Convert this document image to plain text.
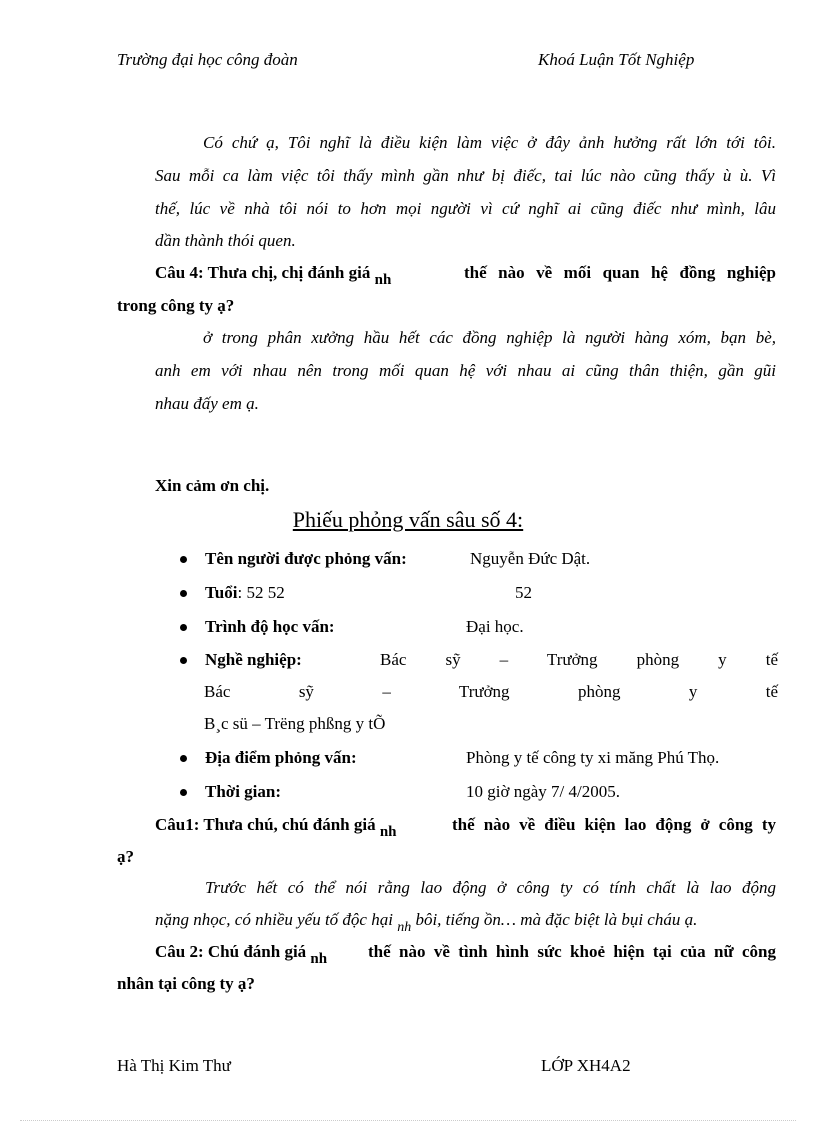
Trường đại học công đoàn	Khoá Luận Tốt Nghiệp
Có chứ ạ, Tôi nghĩ là điều kiện làm việc ở đây ảnh hưởng rất lớn tới tôi.
Sau mỗi ca làm việc tôi thấy mình gần như bị điếc, tai lúc nào cũng thấy ù ù. Vì
thế, lúc về nhà tôi nói to hơn mọi người vì cứ nghĩ ai cũng điếc như mình, lâu
dần thành thói quen.
Câu 4: Thưa chị, chị đánh giá nh	thế nào về mối quan hệ đồng nghiệp
trong công ty ạ?
ở trong phân xưởng hầu hết các đồng nghiệp là người hàng xóm, bạn bè,
anh em với nhau nên trong mối quan hệ với nhau ai cũng thân thiện, gần gũi
nhau đấy em ạ.
Xin cảm ơn chị.
Phiếu phỏng vấn sâu số 4:
Tên người được phỏng vấn:	Nguyễn Đức Dật.
Tuổi: 52 52	52
Trình độ học vấn:	Đại học.
Nghề nghiệp:	Bác sỹ – Trưởng phòng y tế
Bác sỹ – Trưởng phòng y tế
B¸c sü – Trëng phßng y tÕ
Địa điểm phỏng vấn:	Phòng y tế công ty xi măng Phú Thọ.
Thời gian:	10 giờ ngày 7/ 4/2005.
Câu1: Thưa chú, chú đánh giá nh	thế nào về điều kiện lao động ở công ty
ạ?
Trước hết có thể nói rằng lao động ở công ty có tính chất là lao động
nặng nhọc, có nhiều yếu tố độc hại $_{nh}$ bôi, tiếng ồn… mà đặc biệt là bụi cháu ạ.
Câu 2: Chú đánh giá nh thế nào về tình hình sức khoẻ hiện tại của nữ công
nhân tại công ty ạ?
Hà Thị Kim Thư	LỚP XH4A2
